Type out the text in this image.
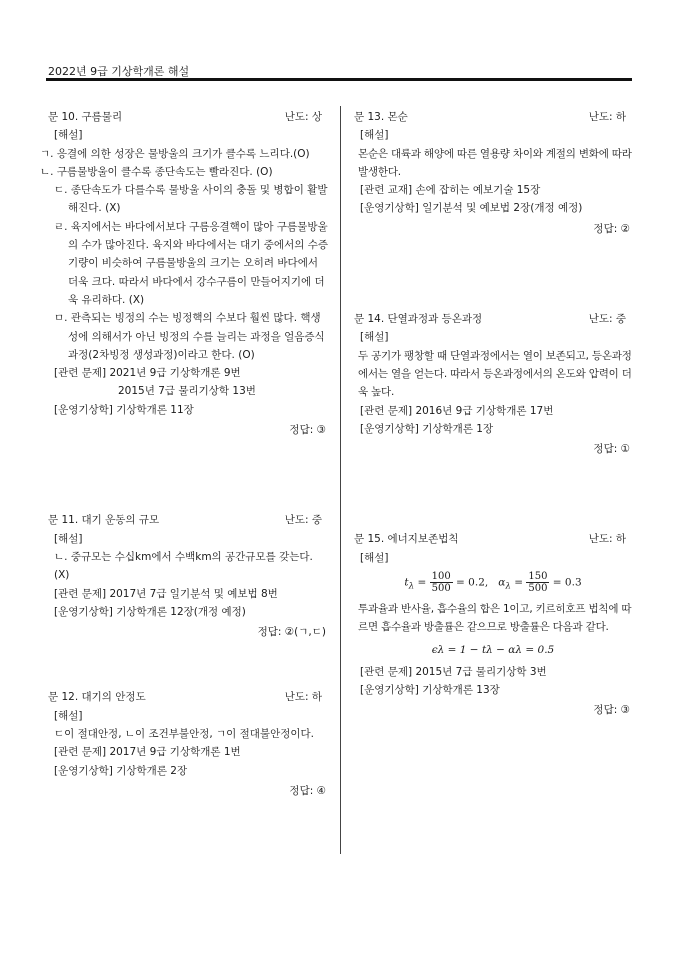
2022년 9급 기상학개론 해설
문 10. 구름물리	난도: 상
[해설]
ㄱ. 응결에 의한 성장은 물방울의 크기가 클수록 느리다.(O)
ㄴ. 구름물방울이 클수록 종단속도는 빨라진다. (O)
ㄷ. 종단속도가 다를수록 물방울 사이의 충돌 및 병합이 활발해진다. (X)
ㄹ. 육지에서는 바다에서보다 구름응결핵이 많아 구름물방울의 수가 많아진다. 육지와 바다에서는 대기 중에서의 수증기량이 비슷하여 구름물방울의 크기는 오히려 바다에서 더욱 크다. 따라서 바다에서 강수구름이 만들어지기에 더욱 유리하다. (X)
ㅁ. 관측되는 빙정의 수는 빙정핵의 수보다 훨씬 많다. 핵생성에 의해서가 아닌 빙정의 수를 늘리는 과정을 얼음증식과정(2차빙정 생성과정)이라고 한다. (O)
[관련 문제] 2021년 9급 기상학개론 9번
2015년 7급 물리기상학 13번
[운영기상학] 기상학개론 11장
정답: ③
문 11. 대기 운동의 규모	난도: 중
[해설]
ㄴ. 중규모는 수십km에서 수백km의 공간규모를 갖는다.(X)
[관련 문제] 2017년 7급 일기분석 및 예보법 8번
[운영기상학] 기상학개론 12장(개정 예정)
정답: ②(ㄱ,ㄷ)
문 12. 대기의 안정도	난도: 하
[해설]
ㄷ이 절대안정, ㄴ이 조건부불안정, ㄱ이 절대불안정이다.
[관련 문제] 2017년 9급 기상학개론 1번
[운영기상학] 기상학개론 2장
정답: ④
문 13. 몬순	난도: 하
[해설]
몬순은 대륙과 해양에 따른 열용량 차이와 계절의 변화에 따라 발생한다.
[관련 교재] 손에 잡히는 예보기술 15장
[운영기상학] 일기분석 및 예보법 2장(개정 예정)
정답: ②
문 14. 단열과정과 등온과정	난도: 중
[해설]
두 공기가 팽창할 때 단열과정에서는 열이 보존되고, 등온과정에서는 열을 얻는다. 따라서 등온과정에서의 온도와 압력이 더욱 높다.
[관련 문제] 2016년 9급 기상학개론 17번
[운영기상학] 기상학개론 1장
정답: ①
문 15. 에너지보존법칙	난도: 하
[해설]
$t_\lambda = \frac{100}{500} = 0.2$, $\alpha_\lambda = \frac{150}{500} = 0.3$
투과율과 반사율, 흡수율의 합은 1이고, 키르히호프 법칙에 따르면 흡수율과 방출률은 같으므로 방출률은 다음과 같다.
ϵλ = 1 − tλ − αλ = 0.5
[관련 문제] 2015년 7급 물리기상학 3번
[운영기상학] 기상학개론 13장
정답: ③
